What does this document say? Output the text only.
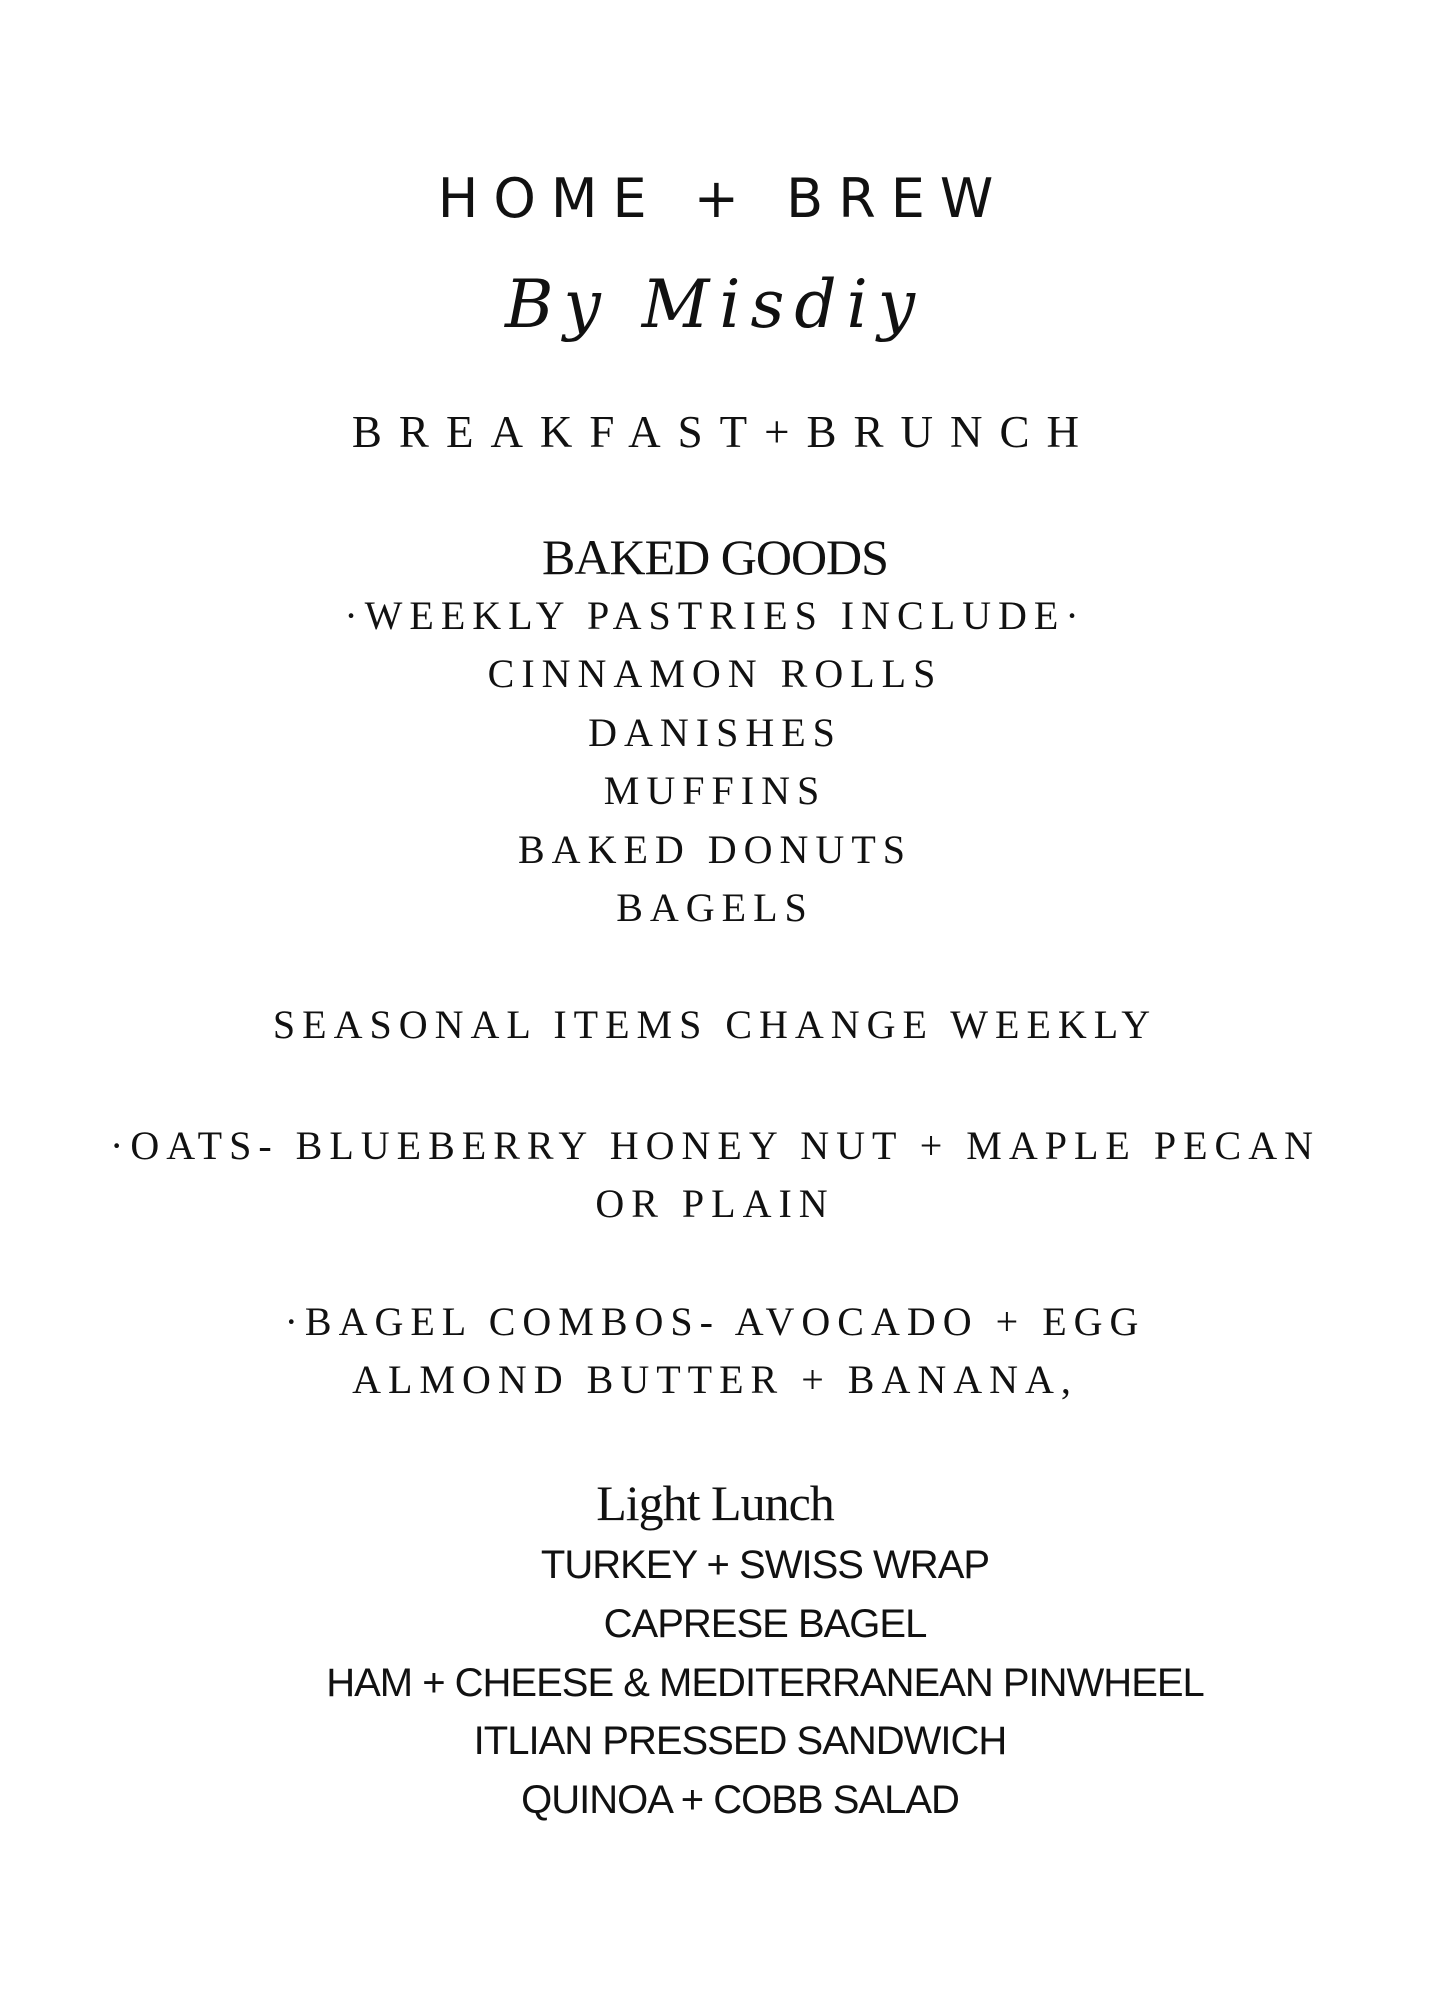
HOME + BREW
By Misdiy
BREAKFAST+BRUNCH
BAKED GOODS
·WEEKLY PASTRIES INCLUDE·
CINNAMON ROLLS
DANISHES
MUFFINS
BAKED DONUTS
BAGELS
SEASONAL ITEMS CHANGE WEEKLY
·OATS- BLUEBERRY HONEY NUT + MAPLE PECAN
OR PLAIN
·BAGEL COMBOS- AVOCADO + EGG
ALMOND BUTTER + BANANA,
Light Lunch
TURKEY + SWISS WRAP
CAPRESE BAGEL
HAM + CHEESE & MEDITERRANEAN PINWHEEL
ITLIAN PRESSED SANDWICH
QUINOA + COBB SALAD
